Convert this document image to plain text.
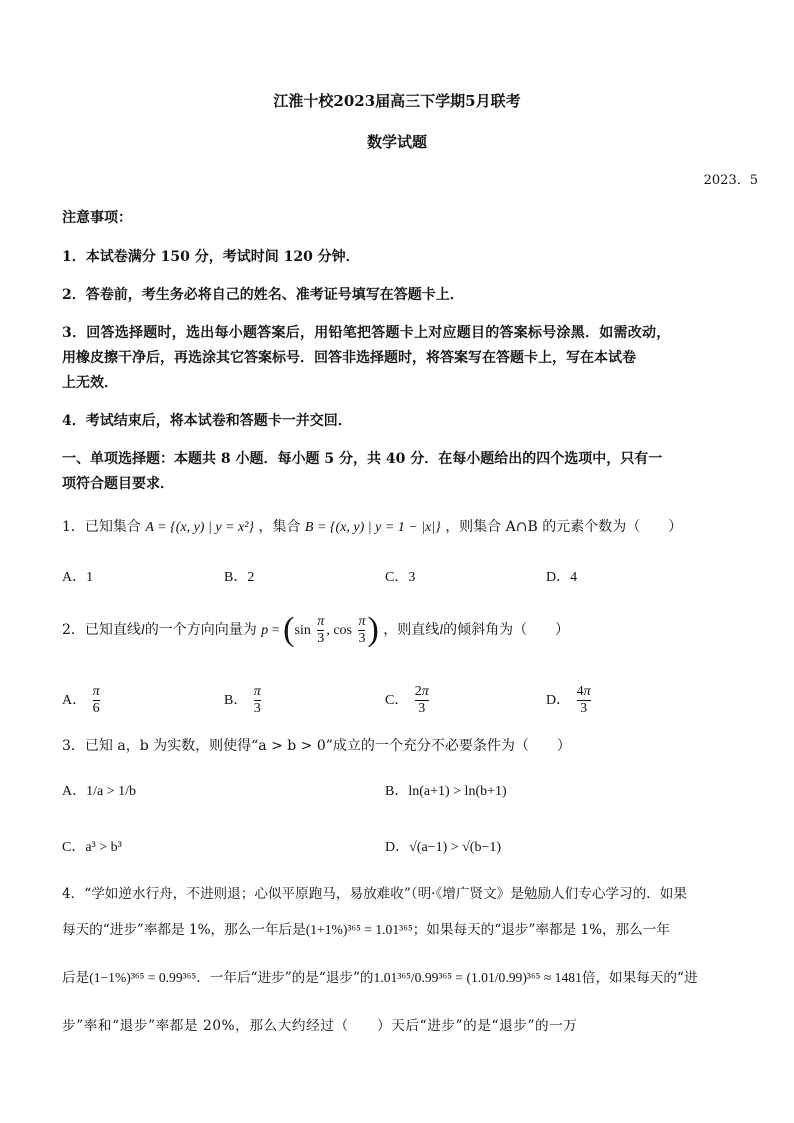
江淮十校2023届高三下学期5月联考
数学试题
2023．5
注意事项：
1．本试卷满分 150 分，考试时间 120 分钟．
2．答卷前，考生务必将自己的姓名、准考证号填写在答题卡上．
3．回答选择题时，选出每小题答案后，用铅笔把答题卡上对应题目的答案标号涂黑．如需改动，
用橡皮擦干净后，再选涂其它答案标号．回答非选择题时，将答案写在答题卡上，写在本试卷
上无效．
4．考试结束后，将本试卷和答题卡一并交回．
一、单项选择题：本题共 8 小题．每小题 5 分，共 40 分．在每小题给出的四个选项中，只有一
项符合题目要求．
1．已知集合 A = {(x, y) | y = x²} ，集合 B = {(x, y) | y = 1 − |x|} ，则集合 A∩B 的元素个数为（　　）
A．1	B．2	C．3	D．4
2．已知直线l的一个方向向量为 $p = (\sin \frac{\pi}{3}$ , $\cos \frac{\pi}{3}$ ) ，则直线l的倾斜角为（　　）
A． $\frac{\pi}{6}$	B． $\frac{\pi}{3}$	C． $\frac{2\pi}{3}$	D． $\frac{4\pi}{3}$
3．已知 a，b 为实数，则使得“a > b > 0”成立的一个充分不必要条件为（　　）
A．1/a > 1/b	B．ln(a+1) > ln(b+1)
C．a³ > b³	D．√(a−1) > √(b−1)
4．“学如逆水行舟，不进则退；心似平原跑马，易放难收”（明·《增广贤文》是勉励人们专心学习的．如果
每天的“进步”率都是 1%，那么一年后是(1+1%)³⁶⁵ = 1.01³⁶⁵；如果每天的“退步”率都是 1%，那么一年
后是(1−1%)³⁶⁵ = 0.99³⁶⁵．一年后“进步”的是“退步”的1.01³⁶⁵/0.99³⁶⁵ = (1.01/0.99)³⁶⁵ ≈ 1481倍，如果每天的“进
步”率和“退步”率都是 20%，那么大约经过（　　）天后“进步”的是“退步”的一万
